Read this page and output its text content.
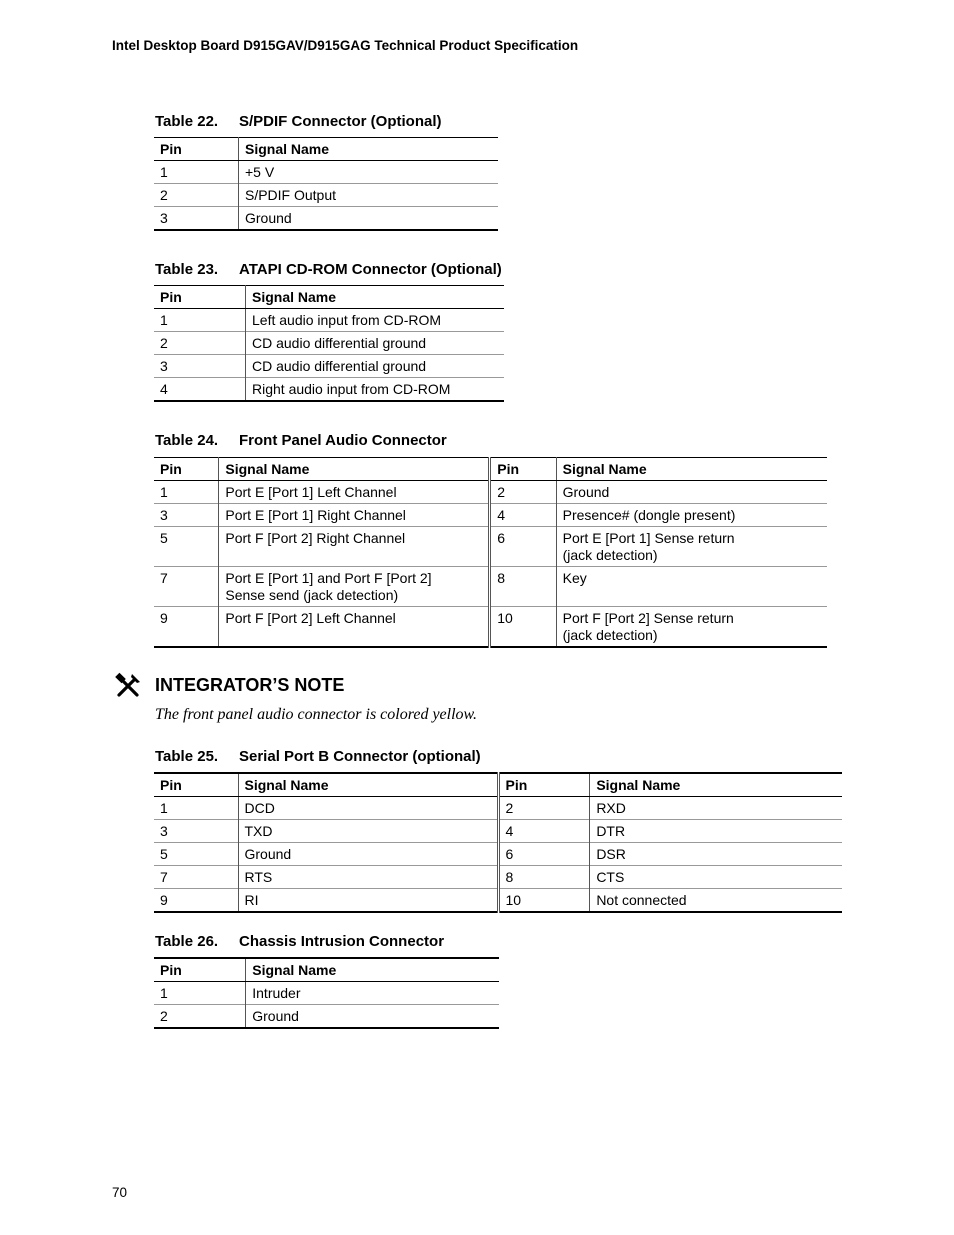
Intel Desktop Board D915GAV/D915GAG Technical Product Specification
Table 22. S/PDIF Connector (Optional)
Pin	Signal Name
1	+5 V
2	S/PDIF Output
3	Ground
Table 23. ATAPI CD-ROM Connector (Optional)
Pin	Signal Name
1	Left audio input from CD-ROM
2	CD audio differential ground
3	CD audio differential ground
4	Right audio input from CD-ROM
Table 24. Front Panel Audio Connector
Pin	Signal Name	Pin	Signal Name
1	Port E [Port 1] Left Channel	2	Ground
3	Port E [Port 1] Right Channel	4	Presence# (dongle present)
5	Port F [Port 2] Right Channel	6	Port E [Port 1] Sense return
(jack detection)
7	Port E [Port 1] and Port F [Port 2]
Sense send (jack detection)	8	Key
9	Port F [Port 2] Left Channel	10	Port F [Port 2] Sense return
(jack detection)
INTEGRATOR’S NOTE
The front panel audio connector is colored yellow.
Table 25. Serial Port B Connector (optional)
Pin	Signal Name	Pin	Signal Name
1	DCD	2	RXD
3	TXD	4	DTR
5	Ground	6	DSR
7	RTS	8	CTS
9	RI	10	Not connected
Table 26. Chassis Intrusion Connector
Pin	Signal Name
1	Intruder
2	Ground
70
